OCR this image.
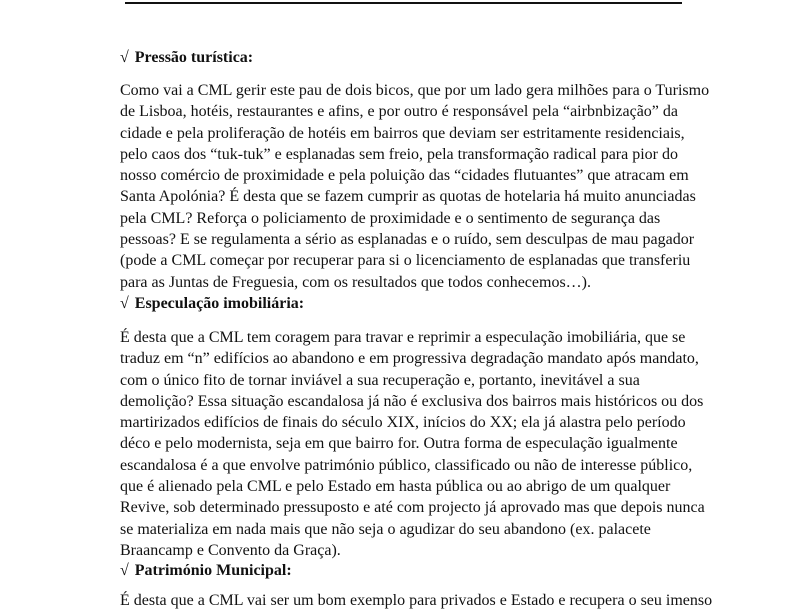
√ Pressão turística:
Como vai a CML gerir este pau de dois bicos, que por um lado gera milhões para o Turismo
de Lisboa, hotéis, restaurantes e afins, e por outro é responsável pela “airbnbização” da
cidade e pela proliferação de hotéis em bairros que deviam ser estritamente residenciais,
pelo caos dos “tuk-tuk” e esplanadas sem freio, pela transformação radical para pior do
nosso comércio de proximidade e pela poluição das “cidades flutuantes” que atracam em
Santa Apolónia? É desta que se fazem cumprir as quotas de hotelaria há muito anunciadas
pela CML? Reforça o policiamento de proximidade e o sentimento de segurança das
pessoas? E se regulamenta a sério as esplanadas e o ruído, sem desculpas de mau pagador
(pode a CML começar por recuperar para si o licenciamento de esplanadas que transferiu
para as Juntas de Freguesia, com os resultados que todos conhecemos…).
√ Especulação imobiliária:
É desta que a CML tem coragem para travar e reprimir a especulação imobiliária, que se
traduz em “n” edifícios ao abandono e em progressiva degradação mandato após mandato,
com o único fito de tornar inviável a sua recuperação e, portanto, inevitável a sua
demolição? Essa situação escandalosa já não é exclusiva dos bairros mais históricos ou dos
martirizados edifícios de finais do século XIX, inícios do XX; ela já alastra pelo período
déco e pelo modernista, seja em que bairro for. Outra forma de especulação igualmente
escandalosa é a que envolve património público, classificado ou não de interesse público,
que é alienado pela CML e pelo Estado em hasta pública ou ao abrigo de um qualquer
Revive, sob determinado pressuposto e até com projecto já aprovado mas que depois nunca
se materializa em nada mais que não seja o agudizar do seu abandono (ex. palacete
Braancamp e Convento da Graça).
√ Património Municipal:
É desta que a CML vai ser um bom exemplo para privados e Estado e recupera o seu imenso
